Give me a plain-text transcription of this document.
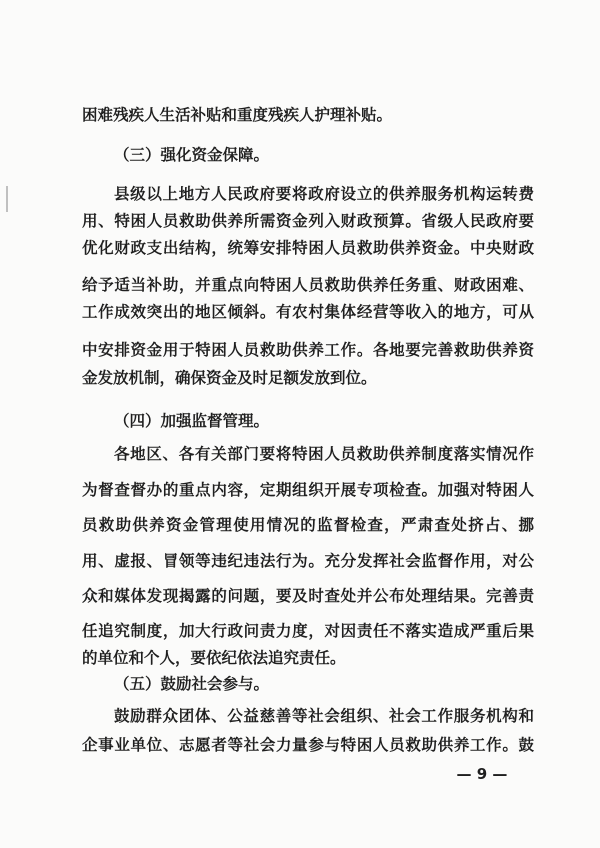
困难残疾人生活补贴和重度残疾人护理补贴。
（三）强化资金保障。
县级以上地方人民政府要将政府设立的供养服务机构运转费
用、特困人员救助供养所需资金列入财政预算。省级人民政府要
优化财政支出结构，统筹安排特困人员救助供养资金。中央财政
给予适当补助，并重点向特困人员救助供养任务重、财政困难、
工作成效突出的地区倾斜。有农村集体经营等收入的地方，可从
中安排资金用于特困人员救助供养工作。各地要完善救助供养资
金发放机制，确保资金及时足额发放到位。
（四）加强监督管理。
各地区、各有关部门要将特困人员救助供养制度落实情况作
为督查督办的重点内容，定期组织开展专项检查。加强对特困人
员救助供养资金管理使用情况的监督检查，严肃查处挤占、挪
用、虚报、冒领等违纪违法行为。充分发挥社会监督作用，对公
众和媒体发现揭露的问题，要及时查处并公布处理结果。完善责
任追究制度，加大行政问责力度，对因责任不落实造成严重后果
的单位和个人，要依纪依法追究责任。
（五）鼓励社会参与。
鼓励群众团体、公益慈善等社会组织、社会工作服务机构和
企事业单位、志愿者等社会力量参与特困人员救助供养工作。鼓
— 9 —
